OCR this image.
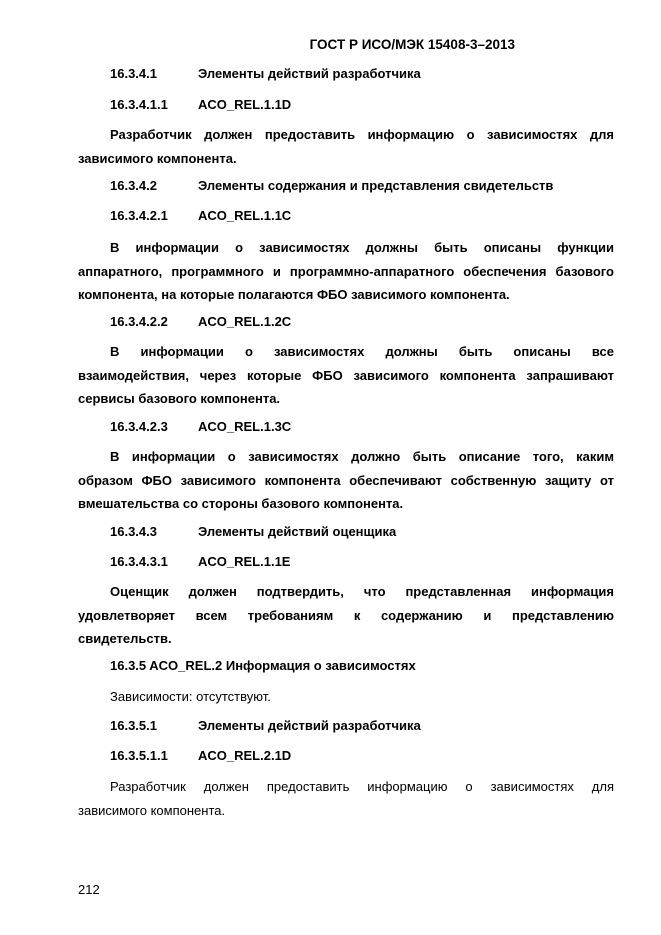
ГОСТ Р ИСО/МЭК 15408-3–2013
16.3.4.1	Элементы действий разработчика
16.3.4.1.1 ACO_REL.1.1D
Разработчик должен предоставить информацию о зависимостях для
зависимого компонента.
16.3.4.2	Элементы содержания и представления свидетельств
16.3.4.2.1 ACO_REL.1.1C
В информации о зависимостях должны быть описаны функции
аппаратного, программного и программно-аппаратного обеспечения базового
компонента, на которые полагаются ФБО зависимого компонента.
16.3.4.2.2 ACO_REL.1.2C
В информации о зависимостях должны быть описаны все
взаимодействия, через которые ФБО зависимого компонента запрашивают
сервисы базового компонента.
16.3.4.2.3 ACO_REL.1.3C
В информации о зависимостях должно быть описание того, каким
образом ФБО зависимого компонента обеспечивают собственную защиту от
вмешательства со стороны базового компонента.
16.3.4.3	Элементы действий оценщика
16.3.4.3.1 ACO_REL.1.1E
Оценщик должен подтвердить, что представленная информация
удовлетворяет всем требованиям к содержанию и представлению
свидетельств.
16.3.5 ACO_REL.2 Информация о зависимостях
Зависимости: отсутствуют.
16.3.5.1	Элементы действий разработчика
16.3.5.1.1 ACO_REL.2.1D
Разработчик должен предоставить информацию о зависимостях для
зависимого компонента.
212
